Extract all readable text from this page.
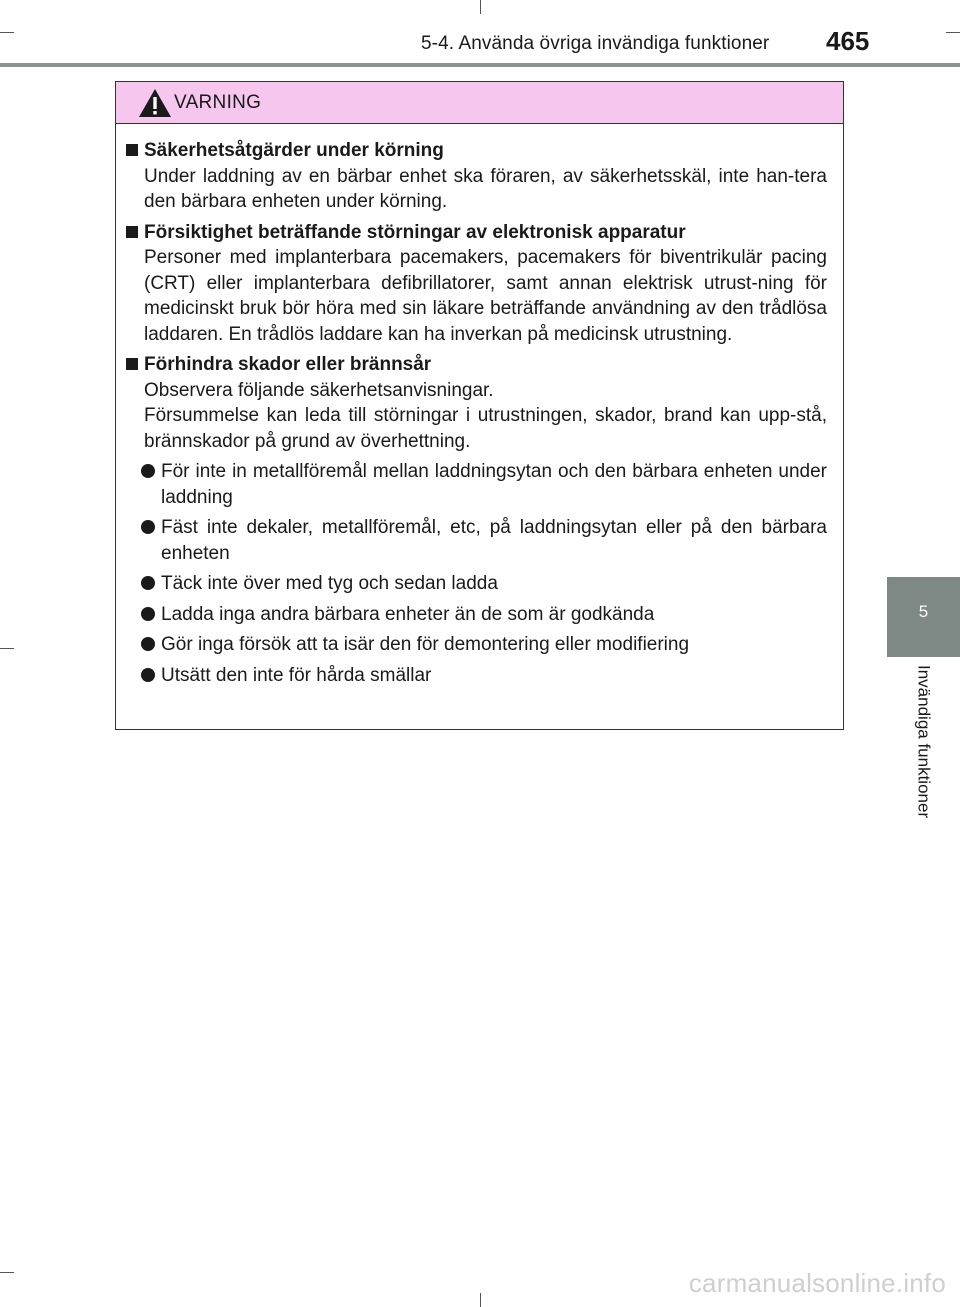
5-4. Använda övriga invändiga funktioner 465
5
Invändiga funktioner
VARNING
Säkerhetsåtgärder under körning
Under laddning av en bärbar enhet ska föraren, av säkerhetsskäl, inte han-tera den bärbara enheten under körning.
Försiktighet beträffande störningar av elektronisk apparatur
Personer med implanterbara pacemakers, pacemakers för biventrikulär pacing (CRT) eller implanterbara defibrillatorer, samt annan elektrisk utrust-ning för medicinskt bruk bör höra med sin läkare beträffande användning av den trådlösa laddaren. En trådlös laddare kan ha inverkan på medicinsk utrustning.
Förhindra skador eller brännsår
Observera följande säkerhetsanvisningar.
Försummelse kan leda till störningar i utrustningen, skador, brand kan upp-stå, brännskador på grund av överhettning.
För inte in metallföremål mellan laddningsytan och den bärbara enheten under laddning
Fäst inte dekaler, metallföremål, etc, på laddningsytan eller på den bärbara enheten
Täck inte över med tyg och sedan ladda
Ladda inga andra bärbara enheter än de som är godkända
Gör inga försök att ta isär den för demontering eller modifiering
Utsätt den inte för hårda smällar
carmanualsonline.info
